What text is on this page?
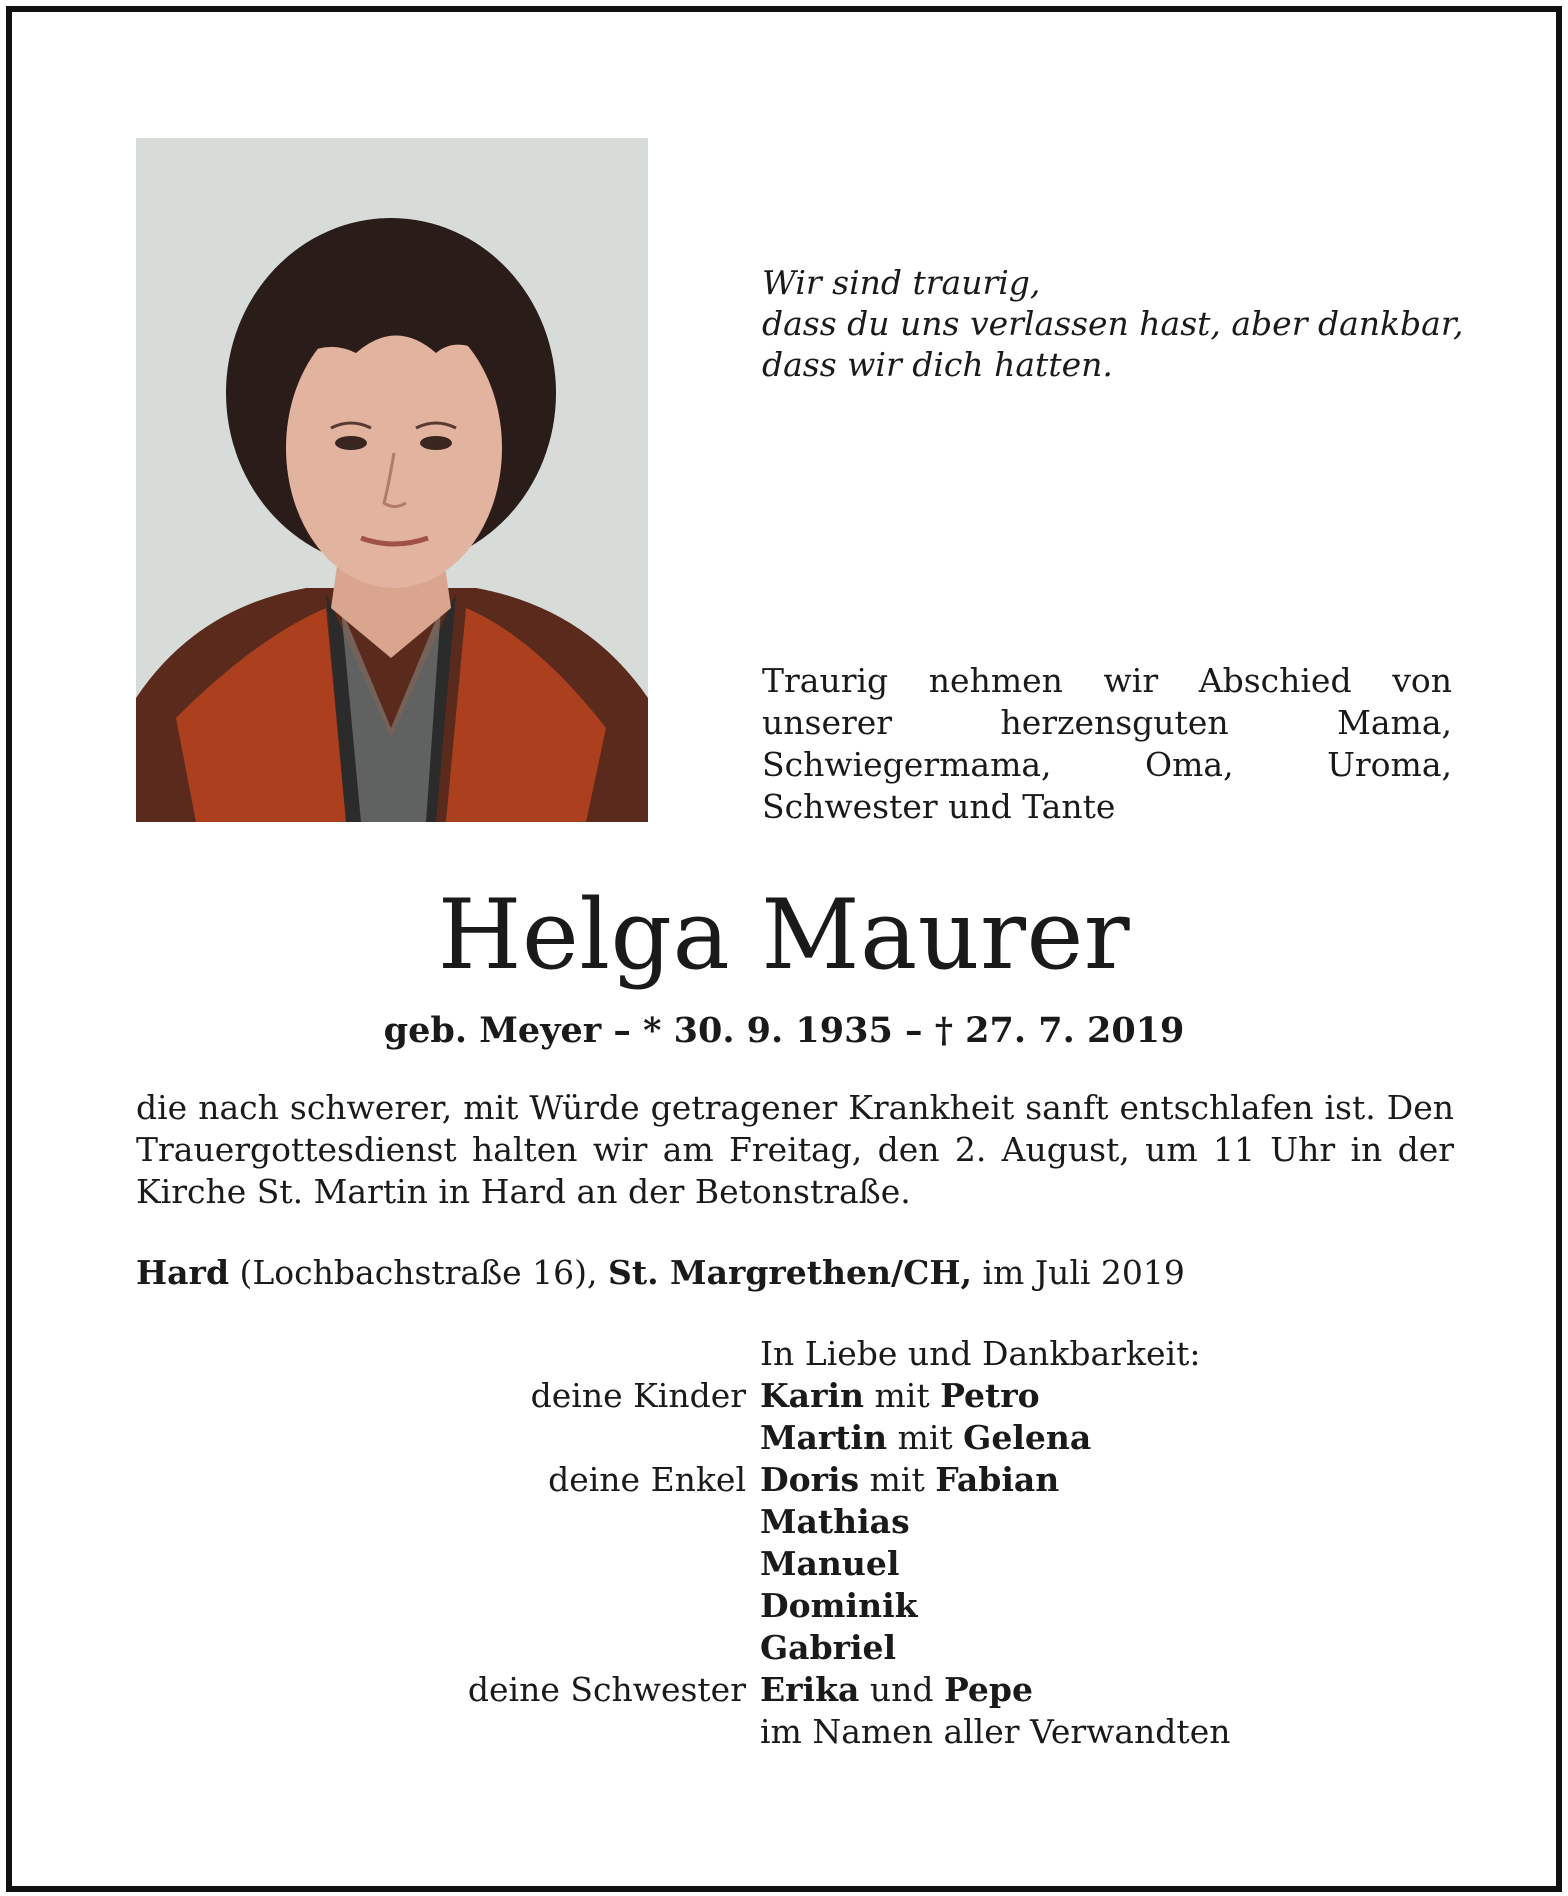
Wir sind traurig,
dass du uns verlassen hast, aber dankbar,
dass wir dich hatten.
Traurig nehmen wir Abschied von unserer herzensguten Mama, Schwiegermama, Oma, Uroma, Schwester und Tante
Helga Maurer
geb. Meyer – * 30. 9. 1935 – † 27. 7. 2019
die nach schwerer, mit Würde getragener Krankheit sanft entschlafen ist. Den Trauergottesdienst halten wir am Freitag, den 2. August, um 11 Uhr in der Kirche St. Martin in Hard an der Betonstraße.
Hard (Lochbachstraße 16), St. Margrethen/CH, im Juli 2019
In Liebe und Dankbarkeit:
deine Kinder Karin mit Petro
Martin mit Gelena
deine Enkel Doris mit Fabian
Mathias
Manuel
Dominik
Gabriel
deine Schwester Erika und Pepe
im Namen aller Verwandten
